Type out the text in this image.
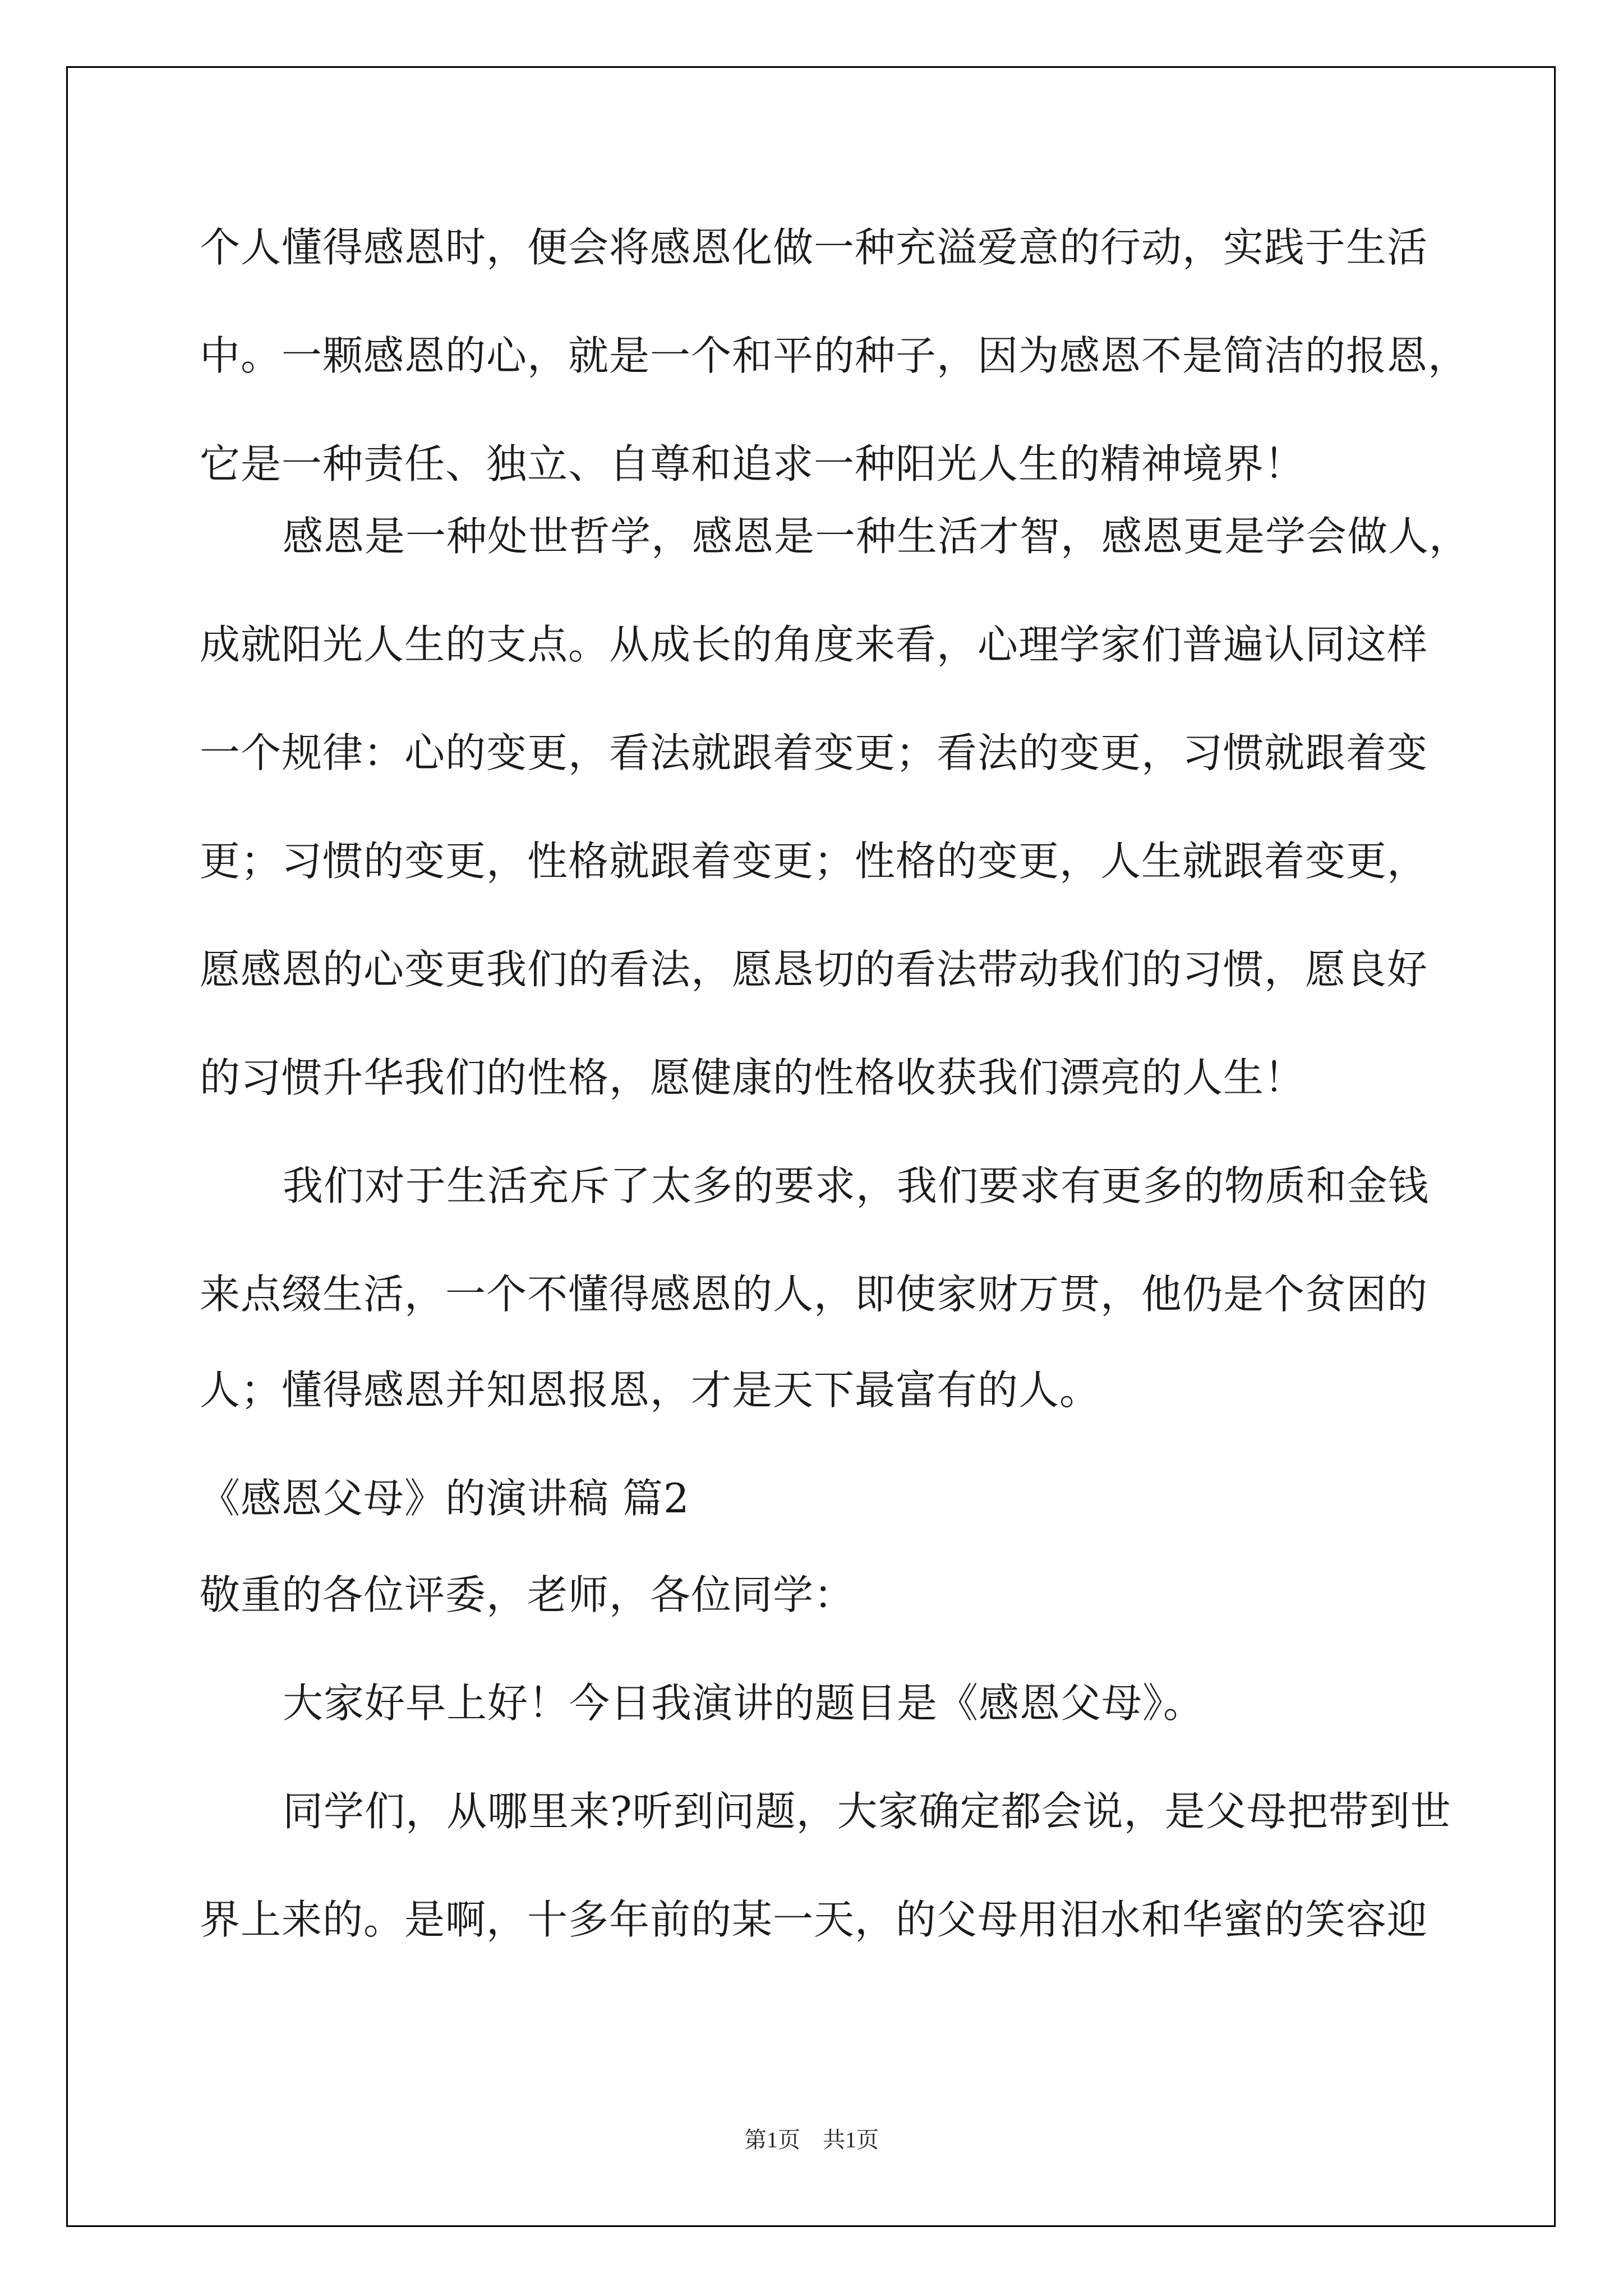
个人懂得感恩时，便会将感恩化做一种充溢爱意的行动，实践于生活
中。一颗感恩的心，就是一个和平的种子，因为感恩不是简洁的报恩，
它是一种责任、独立、自尊和追求一种阳光人生的精神境界！
感恩是一种处世哲学，感恩是一种生活才智，感恩更是学会做人，
成就阳光人生的支点。从成长的角度来看，心理学家们普遍认同这样
一个规律：心的变更，看法就跟着变更；看法的变更，习惯就跟着变
更；习惯的变更，性格就跟着变更；性格的变更，人生就跟着变更，
愿感恩的心变更我们的看法，愿恳切的看法带动我们的习惯，愿良好
的习惯升华我们的性格，愿健康的性格收获我们漂亮的人生！
我们对于生活充斥了太多的要求，我们要求有更多的物质和金钱
来点缀生活，一个不懂得感恩的人，即使家财万贯，他仍是个贫困的
人；懂得感恩并知恩报恩，才是天下最富有的人。
《感恩父母》的演讲稿 篇2
敬重的各位评委，老师，各位同学：
大家好早上好！今日我演讲的题目是《感恩父母》。
同学们，从哪里来?听到问题，大家确定都会说，是父母把带到世
界上来的。是啊，十多年前的某一天，的父母用泪水和华蜜的笑容迎
第1页　共1页
